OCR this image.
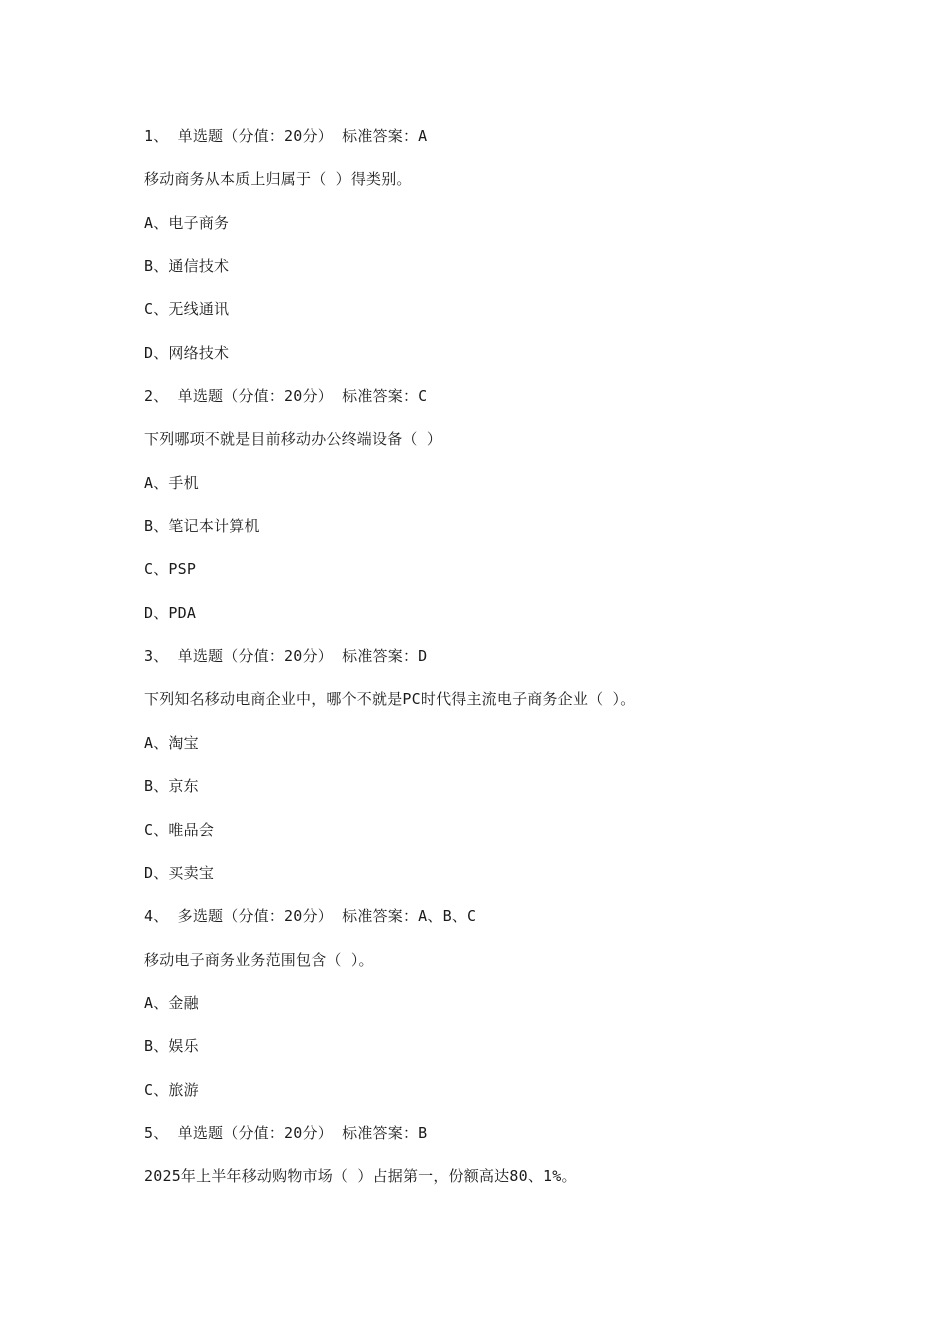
1、 单选题（分值：20分） 标准答案：A
移动商务从本质上归属于（ ）得类别。
A、电子商务
B、通信技术
C、无线通讯
D、网络技术
2、 单选题（分值：20分） 标准答案：C
下列哪项不就是目前移动办公终端设备（ ）
A、手机
B、笔记本计算机
C、PSP
D、PDA
3、 单选题（分值：20分） 标准答案：D
下列知名移动电商企业中，哪个不就是PC时代得主流电子商务企业（ ）。
A、淘宝
B、京东
C、唯品会
D、买卖宝
4、 多选题（分值：20分） 标准答案：A、B、C
移动电子商务业务范围包含（ ）。
A、金融
B、娱乐
C、旅游
5、 单选题（分值：20分） 标准答案：B
2025年上半年移动购物市场（ ）占据第一，份额高达80、1%。
